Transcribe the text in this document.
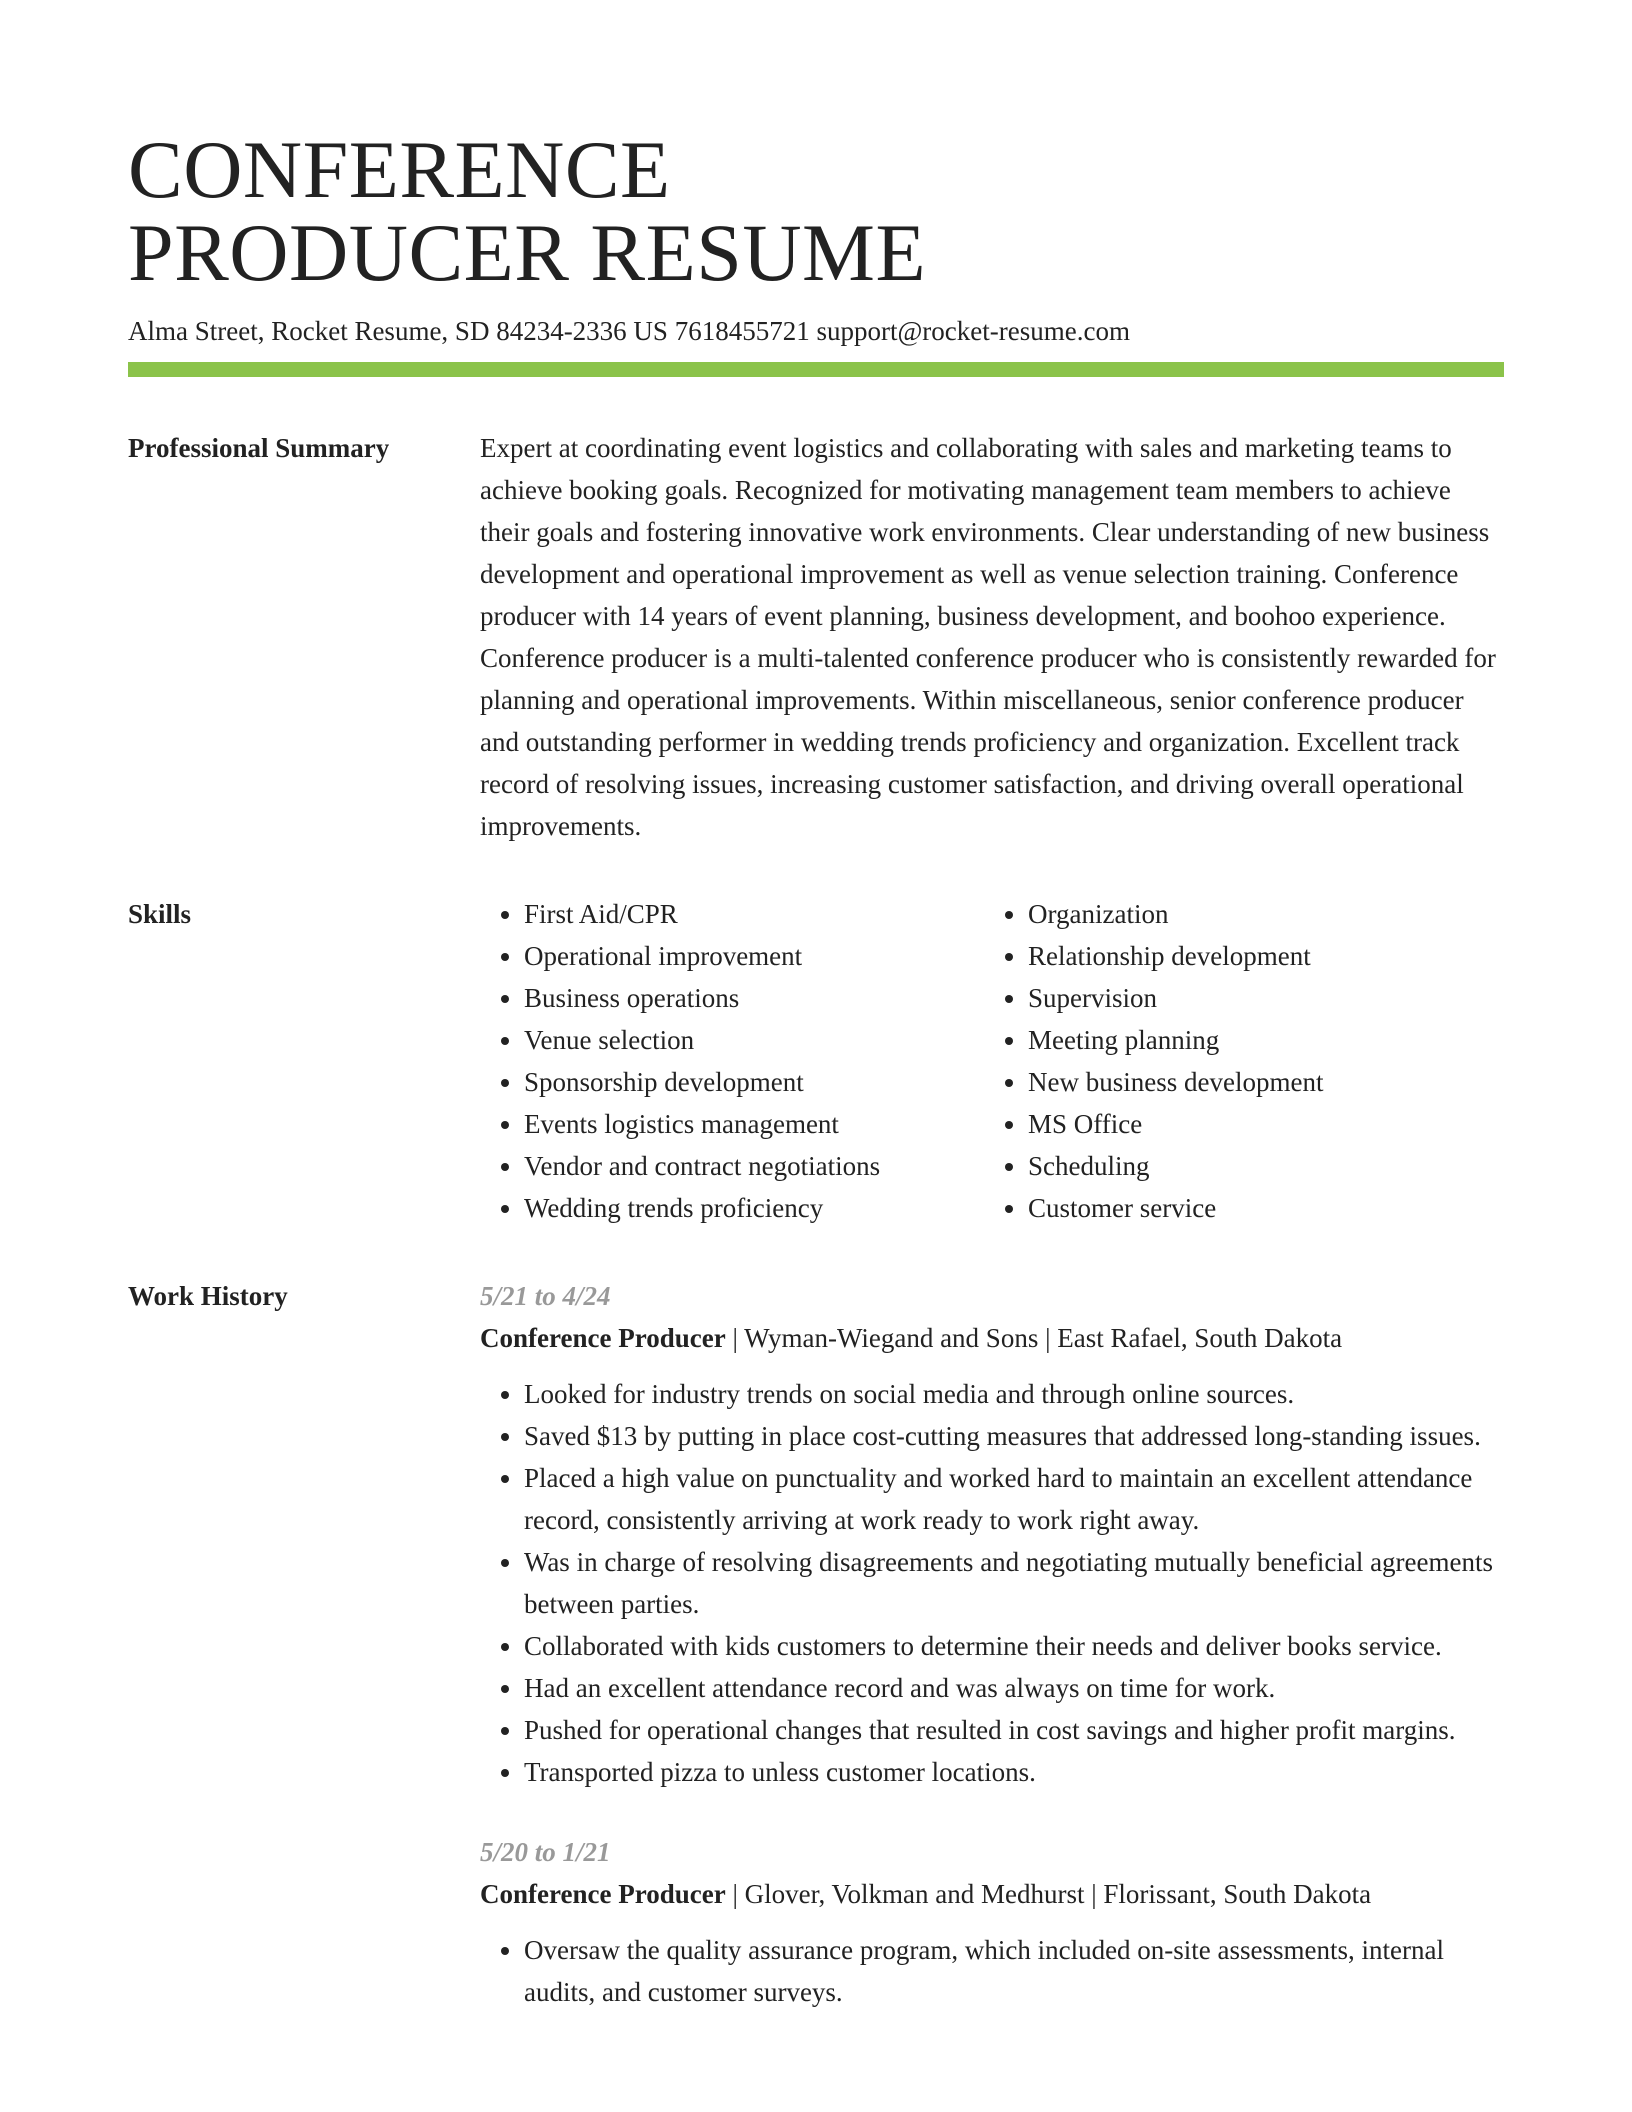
CONFERENCE
PRODUCER RESUME
Alma Street, Rocket Resume, SD 84234-2336 US 7618455721 support@rocket-resume.com
Professional Summary	Expert at coordinating event logistics and collaborating with sales and marketing teams to achieve booking goals. Recognized for motivating management team members to achieve their goals and fostering innovative work environments. Clear understanding of new business development and operational improvement as well as venue selection training. Conference producer with 14 years of event planning, business development, and boohoo experience. Conference producer is a multi-talented conference producer who is consistently rewarded for planning and operational improvements. Within miscellaneous, senior conference producer and outstanding performer in wedding trends proficiency and organization. Excellent track record of resolving issues, increasing customer satisfaction, and driving overall operational improvements.

Skills
•	First Aid/CPR
• Operational improvement
• Business operations
• Venue selection
• Sponsorship development
• Events logistics management
• Vendor and contract negotiations
• Wedding trends proficiency
• Organization
• Relationship development
• Supervision
• Meeting planning
• New business development
• MS Office
• Scheduling
• Customer service
Work History	5/21 to 4/24
Conference Producer | Wyman-Wiegand and Sons | East Rafael, South Dakota
• Looked for industry trends on social media and through online sources.
• Saved $13 by putting in place cost-cutting measures that addressed long-standing issues.
• Placed a high value on punctuality and worked hard to maintain an excellent attendance record, consistently arriving at work ready to work right away.
• Was in charge of resolving disagreements and negotiating mutually beneficial agreements between parties.
• Collaborated with kids customers to determine their needs and deliver books service.
• Had an excellent attendance record and was always on time for work.
• Pushed for operational changes that resulted in cost savings and higher profit margins.
• Transported pizza to unless customer locations.
5/20 to 1/21
Conference Producer | Glover, Volkman and Medhurst | Florissant, South Dakota
• Oversaw the quality assurance program, which included on-site assessments, internal audits, and customer surveys.
